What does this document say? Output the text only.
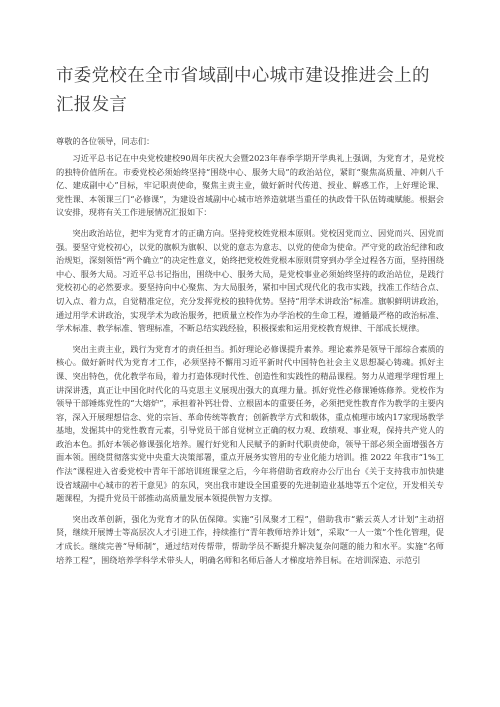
市委党校在全市省域副中心城市建设推进会上的汇报发言

尊敬的各位领导，同志们：

习近平总书记在中央党校建校90周年庆祝大会暨2023年春季学期开学典礼上强调，为党育才，是党校的独特价值所在。市委党校必须始终坚持“围绕中心、服务大局”的政治站位，紧盯“聚焦高质量、冲刺八千亿、建成副中心”目标，牢记职责使命，聚焦主责主业，做好新时代传道、授业、解惑工作，上好理论课、党性课、本领课三门“必修课”，为建设省域副中心城市培养造就堪当重任的执政骨干队伍铸魂赋能。根据会议安排，现将有关工作进展情况汇报如下：

突出政治站位，把牢为党育才的正确方向。坚持党校姓党根本原则。党校因党而立、因党而兴、因党而强。要坚守党校初心，以党的旗帜为旗帜、以党的意志为意志、以党的使命为使命。严守党的政治纪律和政治规矩，深刻领悟“两个确立”的决定性意义，始终把党校姓党根本原则贯穿到办学全过程各方面，坚持围绕中心、服务大局。习近平总书记指出，围绕中心、服务大局，是党校事业必须始终坚持的政治站位，是践行党校初心的必然要求。要坚持向中心聚焦、为大局服务，紧扣中国式现代化的我市实践，找准工作结合点、切入点、着力点，自觉精准定位，充分发挥党校的独特优势。坚持“用学术讲政治”标准。旗帜鲜明讲政治，通过用学术讲政治，实现学术为政治服务，把质量立校作为办学治校的生命工程，遵循最严格的政治标准、学术标准、教学标准、管理标准，不断总结实践经验，积极探索和运用党校教育规律、干部成长规律。

突出主责主业，践行为党育才的责任担当。抓好理论必修课提升素养。理论素养是领导干部综合素质的核心。做好新时代为党育才工作，必须坚持不懈用习近平新时代中国特色社会主义思想凝心铸魂。抓好主课、突出特色，优化教学布局，着力打造体现时代性、创造性和实践性的精品课程。努力从道理学理哲理上讲深讲透，真正让中国化时代化的马克思主义展现出强大的真理力量。抓好党性必修课锤炼修养。党校作为领导干部锤炼党性的“大熔炉”，承担着补钙壮骨、立根固本的重要任务，必须把党性教育作为教学的主要内容，深入开展理想信念、党的宗旨、革命传统等教育；创新教学方式和载体，重点梳理市域内17家现场教学基地，发掘其中的党性教育元素，引导党员干部自觉树立正确的权力观、政绩观、事业观，保持共产党人的政治本色。抓好本领必修课强化培养。履行好党和人民赋予的新时代职责使命，领导干部必须全面增强各方面本领。围绕贯彻落实党中央重大决策部署，重点开展务实管用的专业化能力培训。推 2022 年我市“1%工作法”课程进入省委党校中青年干部培训班课堂之后，今年将借助省政府办公厅出台《关于支持我市加快建设省域副中心城市的若干意见》的东风，突出我市建设全国重要的先进制造业基地等五个定位，开发相关专题课程，为提升党员干部推动高质量发展本领提供智力支撑。

突出改革创新，强化为党育才的队伍保障。实施“引凤聚才工程”，借助我市“紫云英人才计划”主动招贤，继续开展博士等高层次人才引进工作，持续推行“青年教师培养计划”，采取“一人一策”个性化管理，促才成长。继续完善“导师制”，通过结对传帮带，帮助学员不断提升解决复杂问题的能力和水平。实施“名师培养工程”，围绕培养学科学术带头人，明确名师和名师后备人才梯度培养目标。在培训深造、示范引
